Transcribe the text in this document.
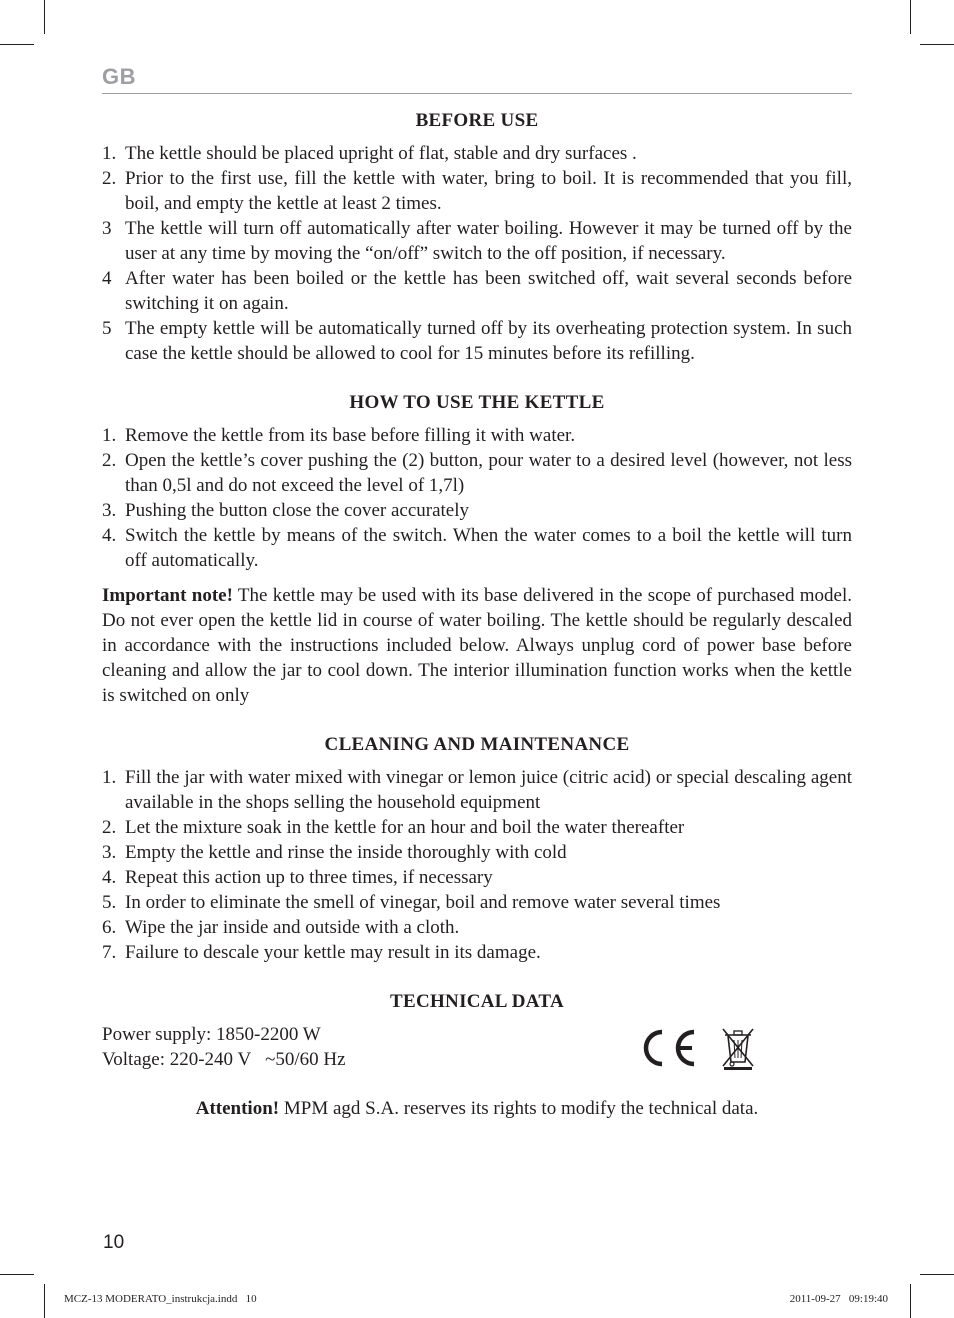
GB
BEFORE USE
1. The kettle should be placed upright of flat, stable and dry surfaces .
2. Prior to the first use, fill the kettle with water, bring to boil. It is recommended that you fill, boil, and empty the kettle at least 2 times.
3 The kettle will turn off automatically after water boiling. However it may be turned off by the user at any time by moving the “on/off” switch to the off position, if necessary.
4 After water has been boiled or the kettle has been switched off, wait several seconds before switching it on again.
5 The empty kettle will be automatically turned off by its overheating protection system. In such case the kettle should be allowed to cool for 15 minutes before its refilling.
HOW TO USE THE KETTLE
1. Remove the kettle from its base before filling it with water.
2. Open the kettle’s cover pushing the (2) button, pour water to a desired level (however, not less than 0,5l and do not exceed the level of 1,7l)
3. Pushing the button close the cover accurately
4. Switch the kettle by means of the switch. When the water comes to a boil the kettle will turn off automatically.

Important note! The kettle may be used with its base delivered in the scope of purchased model. Do not ever open the kettle lid in course of water boiling. The kettle should be regularly descaled in accordance with the instructions included below. Always unplug cord of power base before cleaning and allow the jar to cool down. The interior illumination function works when the kettle is switched on only

CLEANING AND MAINTENANCE
1. Fill the jar with water mixed with vinegar or lemon juice (citric acid) or special descaling agent available in the shops selling the household equipment
2. Let the mixture soak in the kettle for an hour and boil the water thereafter
3. Empty the kettle and rinse the inside thoroughly with cold
4. Repeat this action up to three times, if necessary
5. In order to eliminate the smell of vinegar, boil and remove water several times
6. Wipe the jar inside and outside with a cloth.
7. Failure to descale your kettle may result in its damage.
TECHNICAL DATA
Power supply: 1850-2200 W
Voltage: 220-240 V   ~50/60 Hz

Attention! MPM agd S.A. reserves its rights to modify the technical data.

10
MCZ-13 MODERATO_instrukcja.indd   10	2011-09-27   09:19:40
